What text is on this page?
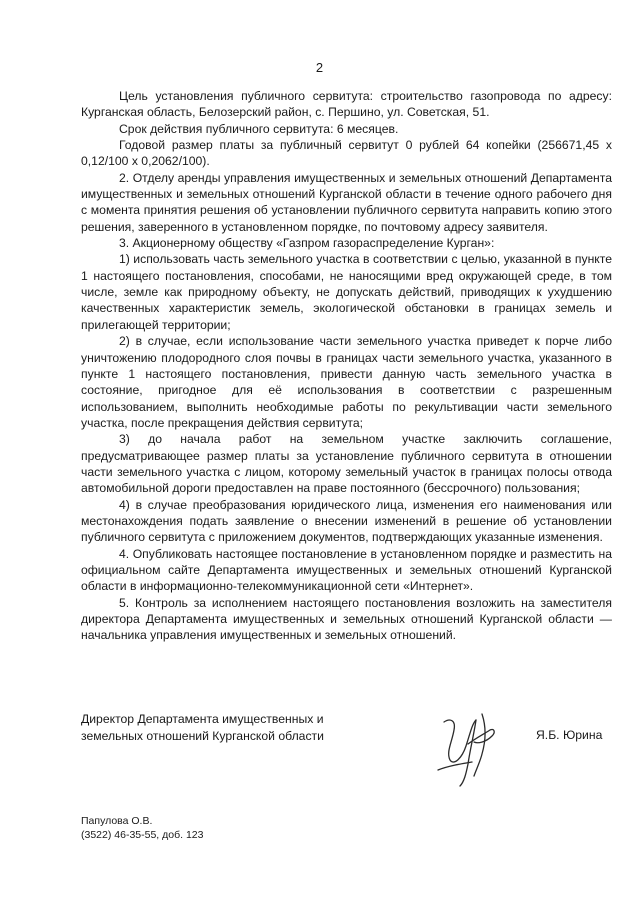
2

Цель установления публичного сервитута: строительство газопровода по адресу: Курганская область, Белозерский район, с. Першино, ул. Советская, 51.

Срок действия публичного сервитута: 6 месяцев.

Годовой размер платы за публичный сервитут 0 рублей 64 копейки (256671,45 х 0,12/100 х 0,2062/100).

2. Отделу аренды управления имущественных и земельных отношений Департамента имущественных и земельных отношений Курганской области в течение одного рабочего дня с момента принятия решения об установлении публичного сервитута направить копию этого решения, заверенного в установленном порядке, по почтовому адресу заявителя.

3. Акционерному обществу «Газпром газораспределение Курган»:

1) использовать часть земельного участка в соответствии с целью, указанной в пункте 1 настоящего постановления, способами, не наносящими вред окружающей среде, в том числе, земле как природному объекту, не допускать действий, приводящих к ухудшению качественных характеристик земель, экологической обстановки в границах земель и прилегающей территории;

2) в случае, если использование части земельного участка приведет к порче либо уничтожению плодородного слоя почвы в границах части земельного участка, указанного в пункте 1 настоящего постановления, привести данную часть земельного участка в состояние, пригодное для её использования в соответствии с разрешенным использованием, выполнить необходимые работы по рекультивации части земельного участка, после прекращения действия сервитута;

3) до начала работ на земельном участке заключить соглашение, предусматривающее размер платы за установление публичного сервитута в отношении части земельного участка с лицом, которому земельный участок в границах полосы отвода автомобильной дороги предоставлен на праве постоянного (бессрочного) пользования;

4) в случае преобразования юридического лица, изменения его наименования или местонахождения подать заявление о внесении изменений в решение об установлении публичного сервитута с приложением документов, подтверждающих указанные изменения.

4. Опубликовать настоящее постановление в установленном порядке и разместить на официальном сайте Департамента имущественных и земельных отношений Курганской области в информационно-телекоммуникационной сети «Интернет».

5. Контроль за исполнением настоящего постановления возложить на заместителя директора Департамента имущественных и земельных отношений Курганской области — начальника управления имущественных и земельных отношений.

Директор Департамента имущественных и
земельных отношений Курганской области	Я.Б. Юрина
Папулова О.В.
(3522) 46-35-55, доб. 123
